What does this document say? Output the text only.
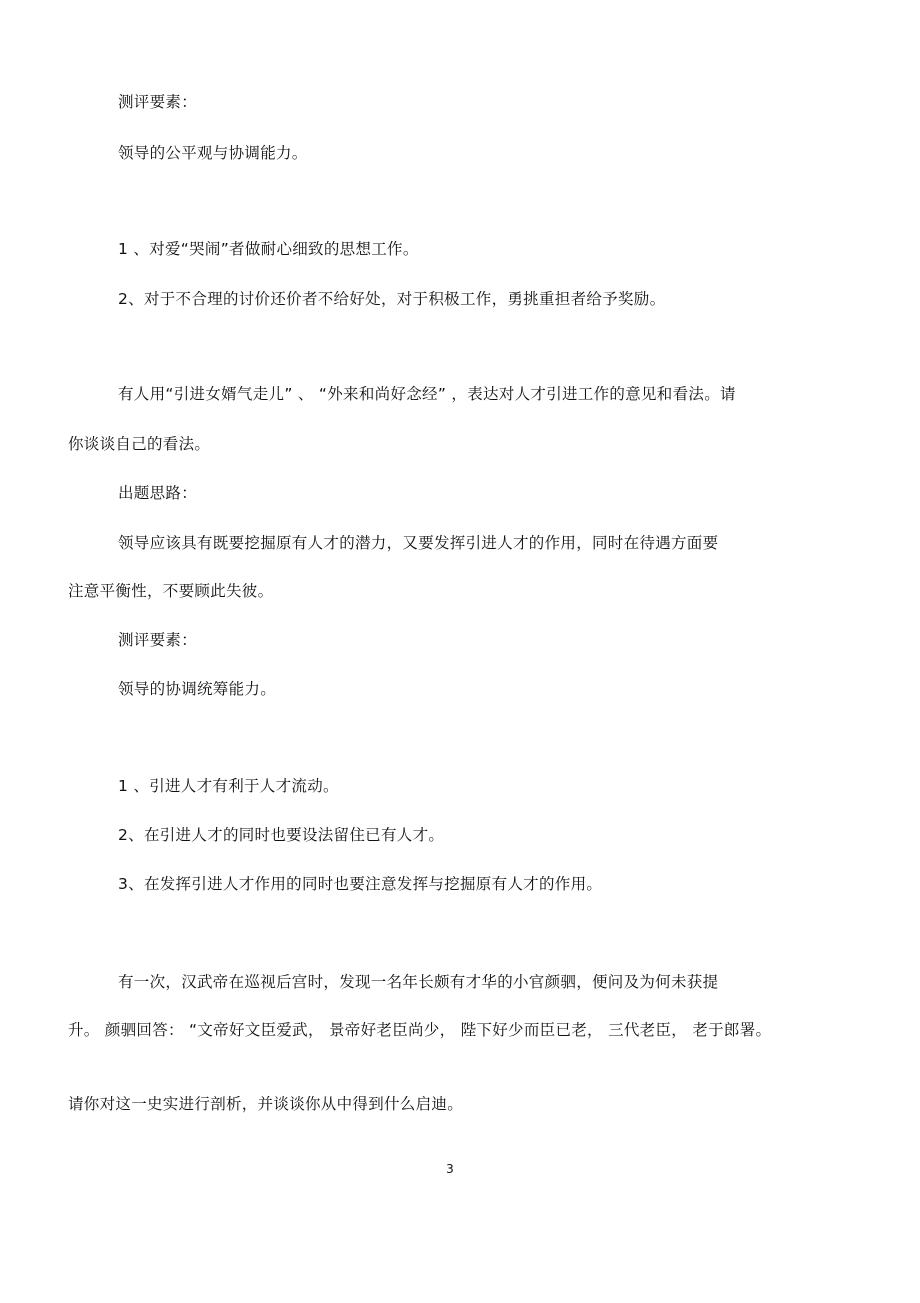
测评要素：

领导的公平观与协调能力。

1 、对爱“哭闹”者做耐心细致的思想工作。

2、对于不合理的讨价还价者不给好处，对于积极工作，勇挑重担者给予奖励。

有人用“引进女婿气走儿” 、 “外来和尚好念经” ，表达对人才引进工作的意见和看法。请

你谈谈自己的看法。

出题思路：

领导应该具有既要挖掘原有人才的潜力，又要发挥引进人才的作用，同时在待遇方面要

注意平衡性，不要顾此失彼。

测评要素：

领导的协调统筹能力。

1 、引进人才有利于人才流动。

2、在引进人才的同时也要设法留住已有人才。

3、在发挥引进人才作用的同时也要注意发挥与挖掘原有人才的作用。

有一次，汉武帝在巡视后宫时，发现一名年长颇有才华的小官颜驷，便问及为何未获提

升。 颜驷回答： “文帝好文臣爱武， 景帝好老臣尚少， 陛下好少而臣已老， 三代老臣， 老于郎署。

请你对这一史实进行剖析，并谈谈你从中得到什么启迪。

3
